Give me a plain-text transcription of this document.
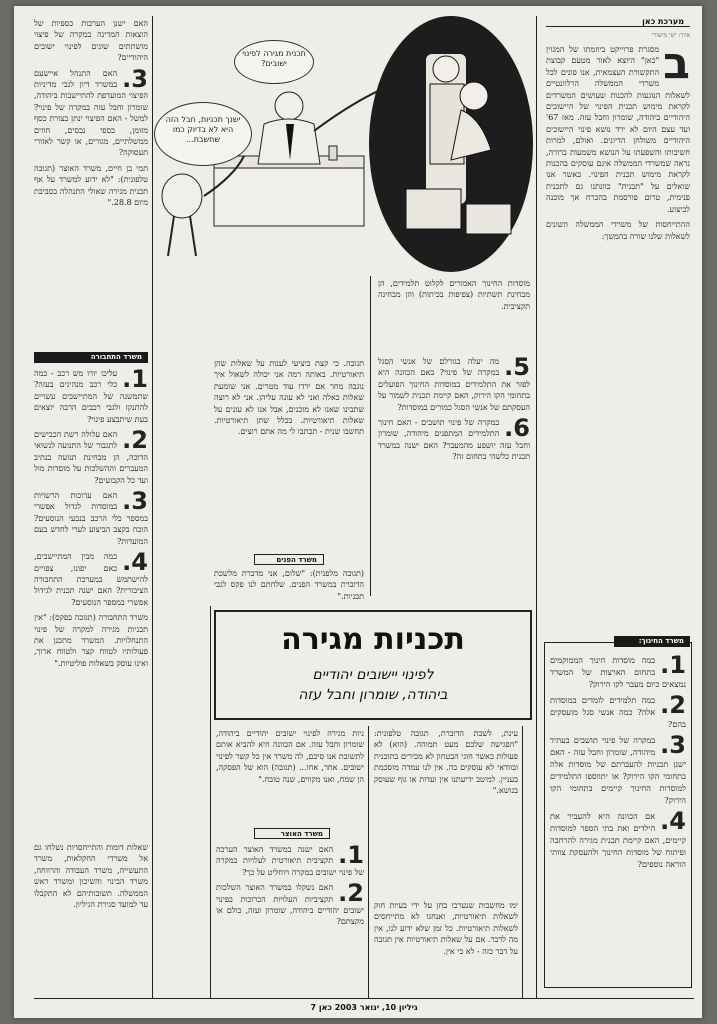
מערכת כאן
איור: ישי מישורי
ב

מסגרת פרוייקט ביוזמתו של המגזין "כאן" היוצא לאור מטעם קבוצת התקשורת העצמאית, אנו פונים לכל משרדי הממשלה הרלוונטיים לשאלות הנוגעות להכנות שעושים המשרדים לקראת מימוש תכנית הפינוי של היישובים היהודיים ביהודה, שומרון וחבל עזה. מאז 67' ועד עצם היום לא ירד נושא פינוי היישובים היהודיים משולחן הדיונים. ואולם, למרות חשיבותו והשפעתו על הנושא משמעות ברורה, נראה שמשרדי הממשלה אינם עוסקים בהכנות לקראת מימוש תכנית הפינוי. כאשר אנו שואלים על "תכנית" כוונתנו גם לתכנית פנימית, טרום פורסמת בהכרח אך מוכנה לביצוע.

ההתייחסות של משרדי הממשלה השונים לשאלות שלנו שורה בהמשך:

משרד החינוך:

1.
כמה מוסדות חינוך הממוקמים בתחום הארצות של המשרד נמצאים כיום מעבר לקו הירוק?

2.
כמה תלמידים לומדים במוסדות אלה? כמה אנשי סגל מועסקים בהם?

3.
במקרה של פינוי תושבים בעתיד מיהודה, שומרון וחבל עזה - האם ישנן תכניות להעברתם של מוסדות אלה בתחומי הקו הירוק? או יתווספו התלמידים למוסדות החינוך קיימים בתחומי הקו הירוק?

4.
אם הכוונה היא להעביר את הילדים ואת בתי הספר למוסדות קיימים, האם קיימת תכנית מגירה להרחבה ופיתוח של מוסדות החינוך ולהעסקת צוותי הוראה נוספים?

תכנית מגירה לפינוי ישובים?
ישנך תכניות, חבל הזה היא לא בדיוק כמו שחשבת...

5.
מה יעלה בגורלם של אנשי הסגל במקרה של פינוי? באם הכוונה היא לפזר את התלמידים במוסדות החינוך הפועלים בתחומי הקו הירוק, האם קיימת תכנית לשמור על העסקתם של אנשי הסגל כמורים במוסדות?

6.
במקרה של פינוי תושבים - האם חינוך התלמידים המתפנים מיהודה, שומרון וחבל עזה יושפע מהמעבר? האם ישנה במשרד תכנית כלשהי בתחום זה?

מוסדות החינוך האמורים לקלוט תלמידים, הן מבחינת תשתיות (צפיפות בכיתות) והן מבחינה תקציבית.
תגובה. כי קצת ביציעי לענות על שאלות שהן תיאורטיות. באותה רמה אני יכולה לשאול איך נוגבה מחר אם ירדו עוד מטרים. אני שומעת שאלות כאלה ואני לא עונה עליהן. אני לא רוצה שתבינו שאנו לא מוכנים, אבל אנו לא עונים על שאלות תיאורטיות. בכלל שתן תיאורטיות. תחשבו שנית - תכתבו לי מה אתם רוצים.
משרד הפנים
(תגובה מלפנית): "שלום, אני מדברת מלשכת הדוברת במשרד הפנים. שלחתם לנו פקס לגבי תכניות."

האם ישנן הערכות כספיות של הוצאות המדינה במקרה של פיצוי מושתתים שונים לפינוי ישובים היהודיים?

3.
האם התנהל איישעם במשרד דיון לגבי מדיניות הפיצוי המועדפת להתיישבות ביהודה, שומרון וחבל עזה במקרה של פינוי? למשל - האם הפיצוי ינתן בצורת כסף מזומן, כספי נכסים, חוזים ממשלתיים, מגורים, או קשר לאזורי תעסוקה?

תמי בן חיים, משרד האוצר (תגובה טלפונית): "לא ידוע למשרד על אף תכנית מגירה שאולי התנהלה בסביבת מיום 28.8."

משרד התחבורה

1.
עליכו יורו מש רכב - כמה כלי רכב מנהיגים בעזה? שתמשנה של המתיישבים עשויים להתנקז ולגבי רכבים הרבה יוצאים בעת שיתבצע פינוי?

2.
האם עלולה רשת הכבישים לתגבור של התנועה לנשואי הדוכה, הן מבחינת תנועה בנתיב המעברים וההשלכות על מוסדות מול ועד כל הקבועים?

3.
האם ערוכות הרשויות במוסדות לגדול אפשרי במספר כלי הרכב בנבעי הנוסעים? הוכח בקצב הביצוע לערי לחדש בעם המועדות?

4.
כמה מבין המתיישבים, כאם יפונו, צפויים להישתמש במערכת התחבורה הציבורית? האם ישנה תכנית לגידול אפשרי במספר הנוסעים?

משרד התחבורה (תגובה בפקס): "אין תכניות מגירה למקרה של פינוי התנחלויות. המשרד מתכנן את פעולותיו לטווח קצר ולטווח ארוך, ואינו עוסק בשאלות פוליטיות."

שאלות דומות והתייחסויות נשלחו גם אל משרדי החקלאות, משרד התעשייה, משרד העבודה והרווחה, משרד הבינוי והשיכון ומשרד ראש הממשלה. תשובותיהם לא התקבלו עד למועד סגירת הגיליון.
תכניות מגירה
לפינוי יישובים יהודיים
ביהודה, שומרון וחבל עזה
עינת, לשכת הדוברת, תגובה טלפונית: "הפגישה שלכם מעט תמוהה. (הוא) לא פעולות כאשר חוגי הבטחון לא מכירים בתוכנית ובוודאי לא עוסקים בה. אין לנו עמדה מוסכמת בעניין. למיטב ידיעתנו אין ועדות או גוף שעוסק בנושא."
ימו מחשבות שנערכו בחן על ידי בעיות חוק לשאלות תיאורטיות, ואנחנו לא מתייחסים לשאלות תיאורטיות. כל זמן שלא ידוע לנו, אין מה לדבר. אם על שאלות תיאורטיות אין תגובה על דבר כזה - לא כי אין.
ניות מגירה לפינוי ישובים יהודיים ביהודה, שומרון וחבל עזה. אם הכוונה היא להביא אותם לתשובת אנו סיכם, לה משרד אין כל קשר לפינוי ישובים. אחר, אחו... (תגובה) הוא של הפסקה, הן שמח, ואנו מקווים, שנה טובה."
משרד האוצר

1.
האם ישנה במשרד האוצר הערכה תקציבית תיאורטית לעלויות במקרה של פינוי ישובים במקרה ויוחליט על כך?

2.
האם נשקלו במשרד האוצר השלכות תקציביות העלויות הכרוכות בפינוי ישובים יהודיים ביהודה, שומרון ועזה, כולם או מקצתם?

גיליון 10, ינואר 2003 כאן 7
